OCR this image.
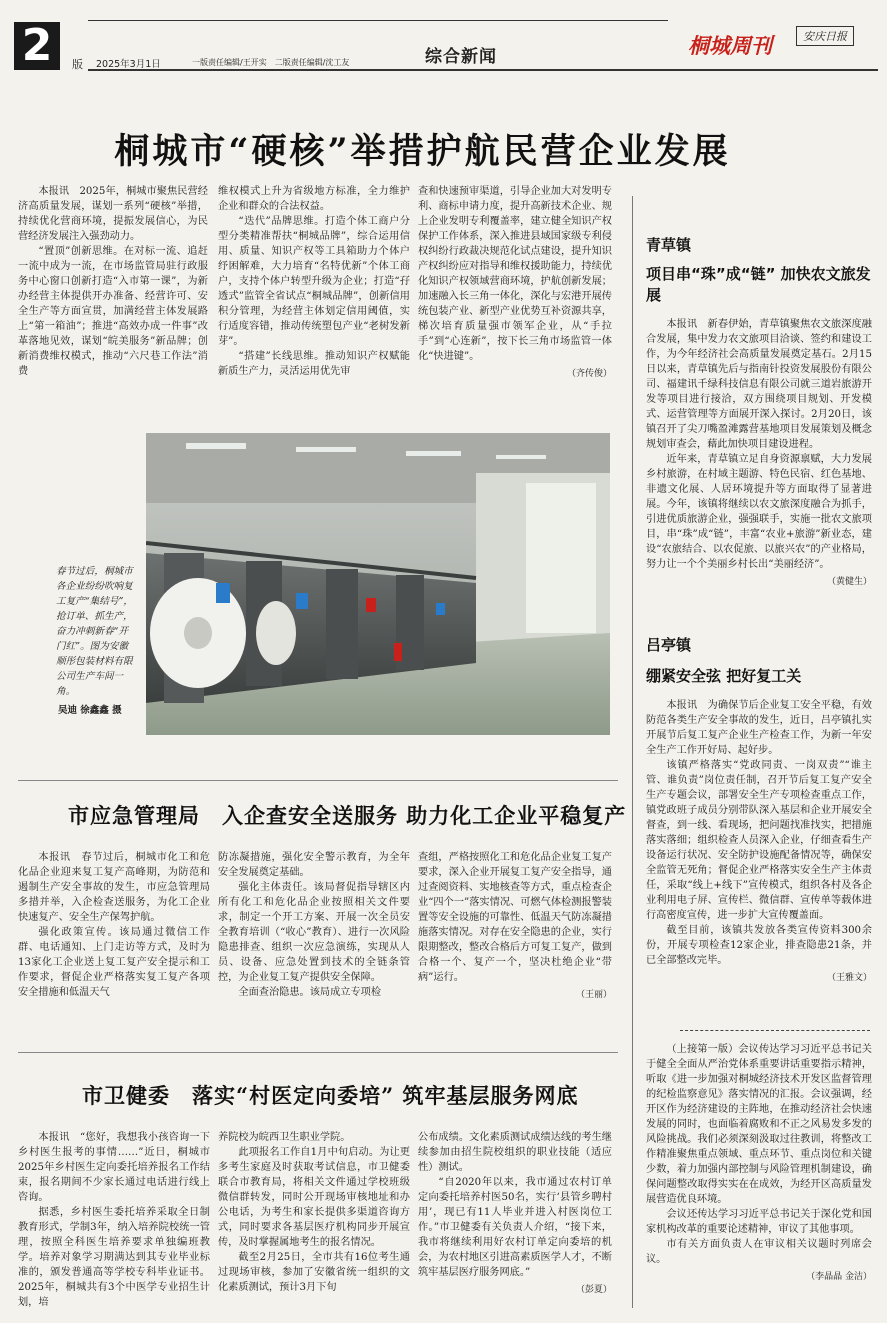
2	版 2025年3月1日	一版责任编辑/王开实　二版责任编辑/沈工友	综合新闻	桐城周刊	安庆日报
桐城市“硬核”举措护航民营企业发展

本报讯　2025年，桐城市聚焦民营经济高质量发展，谋划一系列“硬核”举措，持续优化营商环境，提振发展信心，为民营经济发展注入强劲动力。

“置顶”创新思维。在对标一流、追赶一流中成为一流，在市场监管局驻行政服务中心窗口创新打造“入市第一课”，为新办经营主体提供开办准备、经营许可、安全生产等方面宣贯，加满经营主体发展路上“第一箱油”；推进“高效办成一件事”改革落地见效，谋划“皖美服务”新品牌；创新消费维权模式，推动“六尺巷工作法”消费

维权模式上升为省级地方标准，全力维护企业和群众的合法权益。

“迭代”品牌思维。打造个体工商户分型分类精准帮扶“桐城品牌”，综合运用信用、质量、知识产权等工具箱助力个体户纾困解难，大力培育“名特优新”个体工商户，支持个体户转型升级为企业；打造“孖透式”监管全省试点“桐城品牌”，创新信用积分管理，为经营主体划定信用阈值，实行适度容错，推动传统塑包产业“老树发新芽”。

“搭建”长线思维。推动知识产权赋能新质生产力，灵活运用优先审

查和快速预审渠道，引导企业加大对发明专利、商标申请力度，提升高新技术企业、规上企业发明专利覆盖率，建立健全知识产权保护工作体系，深入推进县域国家级专利侵权纠纷行政裁决规范化试点建设，提升知识产权纠纷应对指导和维权援助能力，持续优化知识产权领域营商环境，护航创新发展；加速融入长三角一体化，深化与宏港开展传统包装产业、新型产业优势互补资源共享，梯次培育质量强市领军企业，从“手拉手”到“心连新”，按下长三角市场监管一体化“快进键”。

（齐传俊）
春节过后，桐城市各企业纷纷吹响复工复产“集结号”，抢订单、抓生产，奋力冲刺新春“开门红”。图为安徽顺彤包装材料有限公司生产车间一角。
吴迪 徐鑫鑫 摄
市应急管理局　入企查安全送服务 助力化工企业平稳复产

本报讯　春节过后，桐城市化工和危化品企业迎来复工复产高峰期，为防范和遏制生产安全事故的发生，市应急管理局多措并举，入企检查送服务，为化工企业快速复产、安全生产保驾护航。

强化政策宣传。该局通过微信工作群、电话通知、上门走访等方式，及时为13家化工企业送上复工复产安全提示和工作要求，督促企业严格落实复工复产各项安全措施和低温天气

防冻凝措施，强化安全警示教育，为全年安全发展奠定基础。

强化主体责任。该局督促指导辖区内所有化工和危化品企业按照相关文件要求，制定一个开工方案、开展一次全员安全教育培训（“收心”教育）、进行一次风险隐患排查、组织一次应急演练，实现从人员、设备、应急处置到技术的全链条管控，为企业复工复产提供安全保障。

全面查治隐患。该局成立专项检

查组，严格按照化工和危化品企业复工复产要求，深入企业开展复工复产安全指导，通过查阅资料、实地核查等方式，重点检查企业“四个一”落实情况、可燃气体检测报警装置等安全设施的可靠性、低温天气防冻凝措施落实情况。对存在安全隐患的企业，实行限期整改，整改合格后方可复工复产，做到合格一个、复产一个，坚决杜绝企业“带病”运行。

（王丽）
市卫健委　落实“村医定向委培” 筑牢基层服务网底

本报讯　“您好，我想我小孩咨询一下乡村医生报考的事情……”近日，桐城市2025年乡村医生定向委托培养报名工作结束，报名期间不少家长通过电话进行线上咨询。

据悉，乡村医生委托培养采取全日制教育形式，学制3年，纳入培养院校统一管理，按照全科医生培养要求单独编班教学。培养对象学习期满达到其专业毕业标准的，颁发普通高等学校专科毕业证书。2025年，桐城共有3个中医学专业招生计划，培

养院校为皖西卫生职业学院。

此项报名工作自1月中旬启动。为让更多考生家庭及时获取考试信息，市卫健委联合市教育局，将相关文件通过学校班级微信群转发，同时公开现场审核地址和办公电话，为考生和家长提供多渠道咨询方式，同时要求各基层医疗机构同步开展宣传，及时掌握属地考生的报名情况。

截至2月25日，全市共有16位考生通过现场审核，参加了安徽省统一组织的文化素质测试，预计3月下旬

公布成绩。文化素质测试成绩达线的考生继续参加由招生院校组织的职业技能（适应性）测试。

“自2020年以来，我市通过农村订单定向委托培养村医50名，实行‘县管乡聘村用’，现已有11人毕业并进入村医岗位工作。”市卫健委有关负责人介绍，“接下来，我市将继续利用好农村订单定向委培的机会，为农村地区引进高素质医学人才，不断筑牢基层医疗服务网底。”

（彭夏）
青草镇
项目串“珠”成“链” 加快农文旅发展

本报讯　新春伊始，青草镇聚焦农文旅深度融合发展，集中发力农文旅项目洽谈、签约和建设工作，为今年经济社会高质量发展奠定基石。2月15日以来，青草镇先后与指南针投资发展股份有限公司、福建讯千绿科技信息有限公司就三道岩旅游开发等项目进行接洽，双方围绕项目规划、开发模式、运营管理等方面展开深入探讨。2月20日，该镇召开了尖刀嘴盈滩露营基地项目发展策划及概念规划审查会，藉此加快项目建设进程。

近年来，青草镇立足自身资源禀赋，大力发展乡村旅游，在村域主题游、特色民宿、红色基地、非遗文化展、人居环境提升等方面取得了显著进展。今年，该镇将继续以农文旅深度融合为抓手，引进优质旅游企业，强强联手，实施一批农文旅项目，串“珠”成“链”，丰富“农业+旅游”新业态，建设“农旅结合、以农促旅、以旅兴农”的产业格局，努力让一个个美丽乡村长出“美丽经济”。

（黄健生）
吕亭镇
绷紧安全弦 把好复工关

本报讯　为确保节后企业复工安全平稳，有效防范各类生产安全事故的发生，近日，吕亭镇扎实开展节后复工复产企业生产检查工作，为新一年安全生产工作开好局、起好步。

该镇严格落实“党政同责、一岗双责”“谁主管、谁负责”岗位责任制，召开节后复工复产安全生产专题会议，部署安全生产专项检查重点工作，镇党政班子成员分别带队深入基层和企业开展安全督查，到一线、看现场，把问题找准找实，把措施落实落细；组织检查人员深入企业，仔细查看生产设备运行状况、安全防护设施配备情况等，确保安全监管无死角；督促企业严格落实安全生产主体责任，采取“线上+线下”宣传模式，组织各村及各企业利用电子屏、宣传栏、微信群、宣传单等载体进行高密度宣传，进一步扩大宣传覆盖面。

截至目前，该镇共发放各类宣传资料300余份，开展专项检查12家企业，排查隐患21条，并已全部整改完毕。

（王雅文）

（上接第一版）会议传达学习习近平总书记关于健全全面从严治党体系重要讲话重要指示精神，听取《进一步加强对桐城经济技术开发区监督管理的纪检监察意见》落实情况的汇报。会议强调，经开区作为经济建设的主阵地，在推动经济社会快速发展的同时，也面临着腐败和不正之风易发多发的风险挑战。我们必须深刻汲取过往教训，将整改工作精准聚焦重点领域、重点环节、重点岗位和关键少数，着力加强内部控制与风险管理机制建设，确保问题整改取得实实在在成效，为经开区高质量发展营造优良环境。

会议还传达学习习近平总书记关于深化党和国家机构改革的重要论述精神，审议了其他事项。

市有关方面负责人在审议相关议题时列席会议。

（李晶晶 金洁）
